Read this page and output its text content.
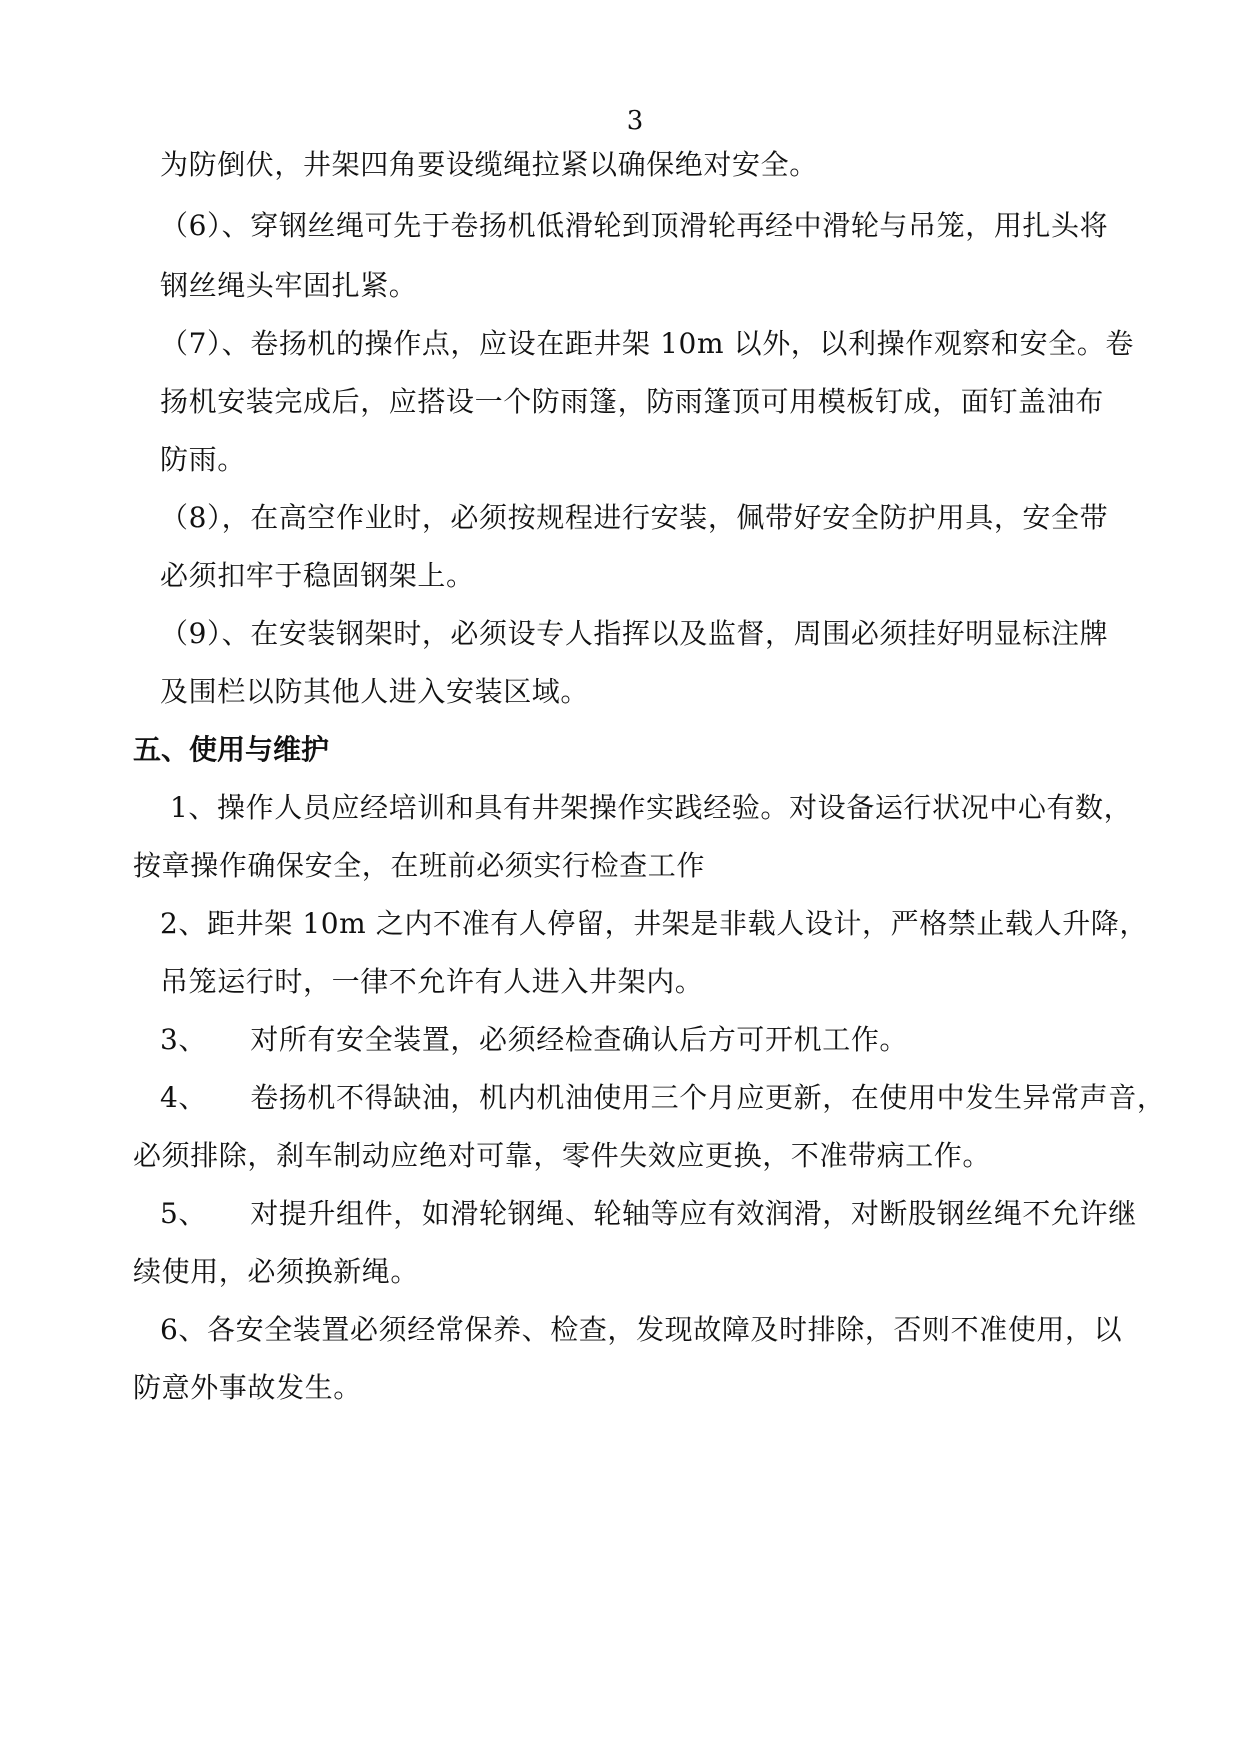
3
为防倒伏，井架四角要设缆绳拉紧以确保绝对安全。
（6）、穿钢丝绳可先于卷扬机低滑轮到顶滑轮再经中滑轮与吊笼，用扎头将
钢丝绳头牢固扎紧。
（7）、卷扬机的操作点，应设在距井架 10m 以外，以利操作观察和安全。卷
扬机安装完成后，应搭设一个防雨篷，防雨篷顶可用模板钉成，面钉盖油布
防雨。
（8），在高空作业时，必须按规程进行安装，佩带好安全防护用具，安全带
必须扣牢于稳固钢架上。
（9）、在安装钢架时，必须设专人指挥以及监督，周围必须挂好明显标注牌
及围栏以防其他人进入安装区域。
五、使用与维护
1、操作人员应经培训和具有井架操作实践经验。对设备运行状况中心有数，
按章操作确保安全，在班前必须实行检查工作
2、距井架 10m 之内不准有人停留，井架是非载人设计，严格禁止载人升降，
吊笼运行时，一律不允许有人进入井架内。
3、　　对所有安全装置，必须经检查确认后方可开机工作。
4、　　卷扬机不得缺油，机内机油使用三个月应更新，在使用中发生异常声音，
必须排除，刹车制动应绝对可靠，零件失效应更换，不准带病工作。
5、　　对提升组件，如滑轮钢绳、轮轴等应有效润滑，对断股钢丝绳不允许继
续使用，必须换新绳。
6、各安全装置必须经常保养、检查，发现故障及时排除，否则不准使用，以
防意外事故发生。
